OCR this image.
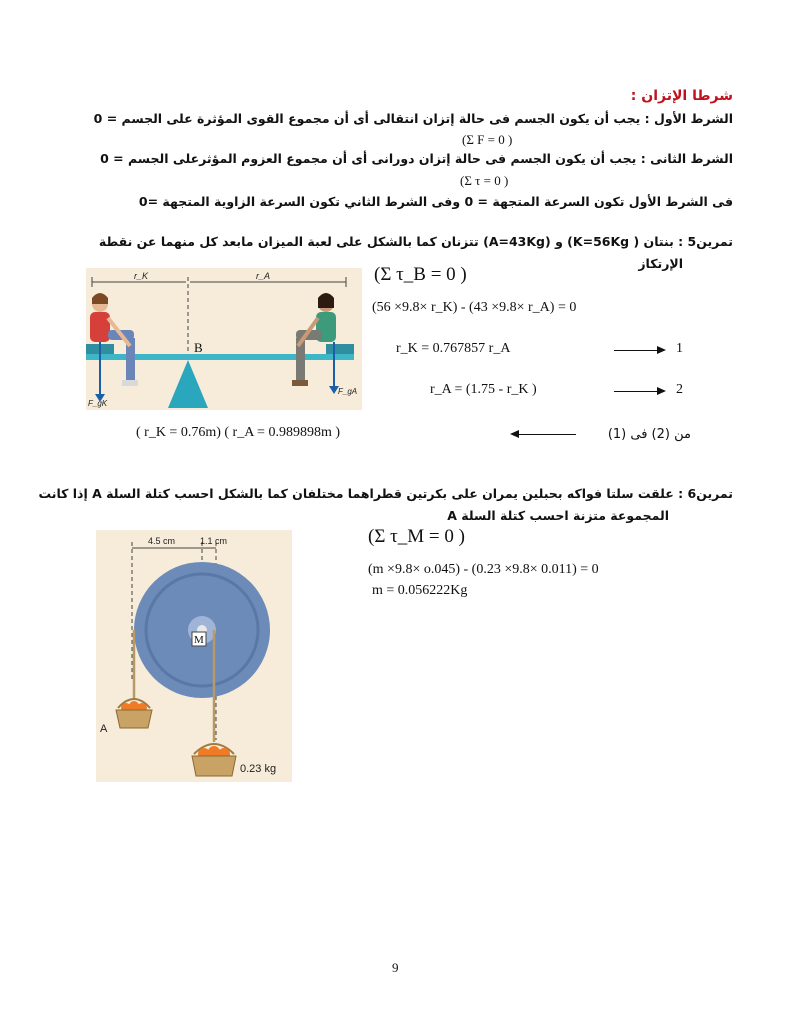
شرطا الإتزان :
الشرط الأول : يجب أن يكون الجسم فى حالة إتزان انتقالى أى أن مجموع القوى المؤثرة على الجسم = 0
(Σ F = 0 )
الشرط الثانى : يجب أن يكون الجسم فى حالة إتزان دورانى أى أن مجموع العزوم المؤثرعلى الجسم = 0
(Σ τ = 0 )
فى الشرط الأول تكون السرعة المتجهة = 0 وفى الشرط الثاني تكون السرعة الزاوية المتجهة =0
تمرين5 : بنتان ( K=56Kg) و (A=43Kg) تتزنان كما بالشكل على لعبة الميزان مابعد كل منهما عن نقطة
الإرتكاز
r_K	r_A
B
F_gK
F_gA
(Σ τ_B = 0 )
(56 ×9.8× r_K) - (43 ×9.8× r_A) = 0
r_K = 0.767857 r_A	1
r_A = (1.75 - r_K )	2
( r_K = 0.76m) ( r_A = 0.989898m )	من (2) فى (1)
تمرين6 : علقت سلتا فواكه بحبلين يمران على بكرتين قطراهما مختلفان كما بالشكل احسب كتلة السلة A إذا كانت
المجموعة متزنة احسب كتلة السلة A
4.5 cm	1.1 cm
M
A
0.23 kg
(Σ τ_M = 0 )
(m ×9.8× o.045) - (0.23 ×9.8× 0.011) = 0
m = 0.056222Kg
9
